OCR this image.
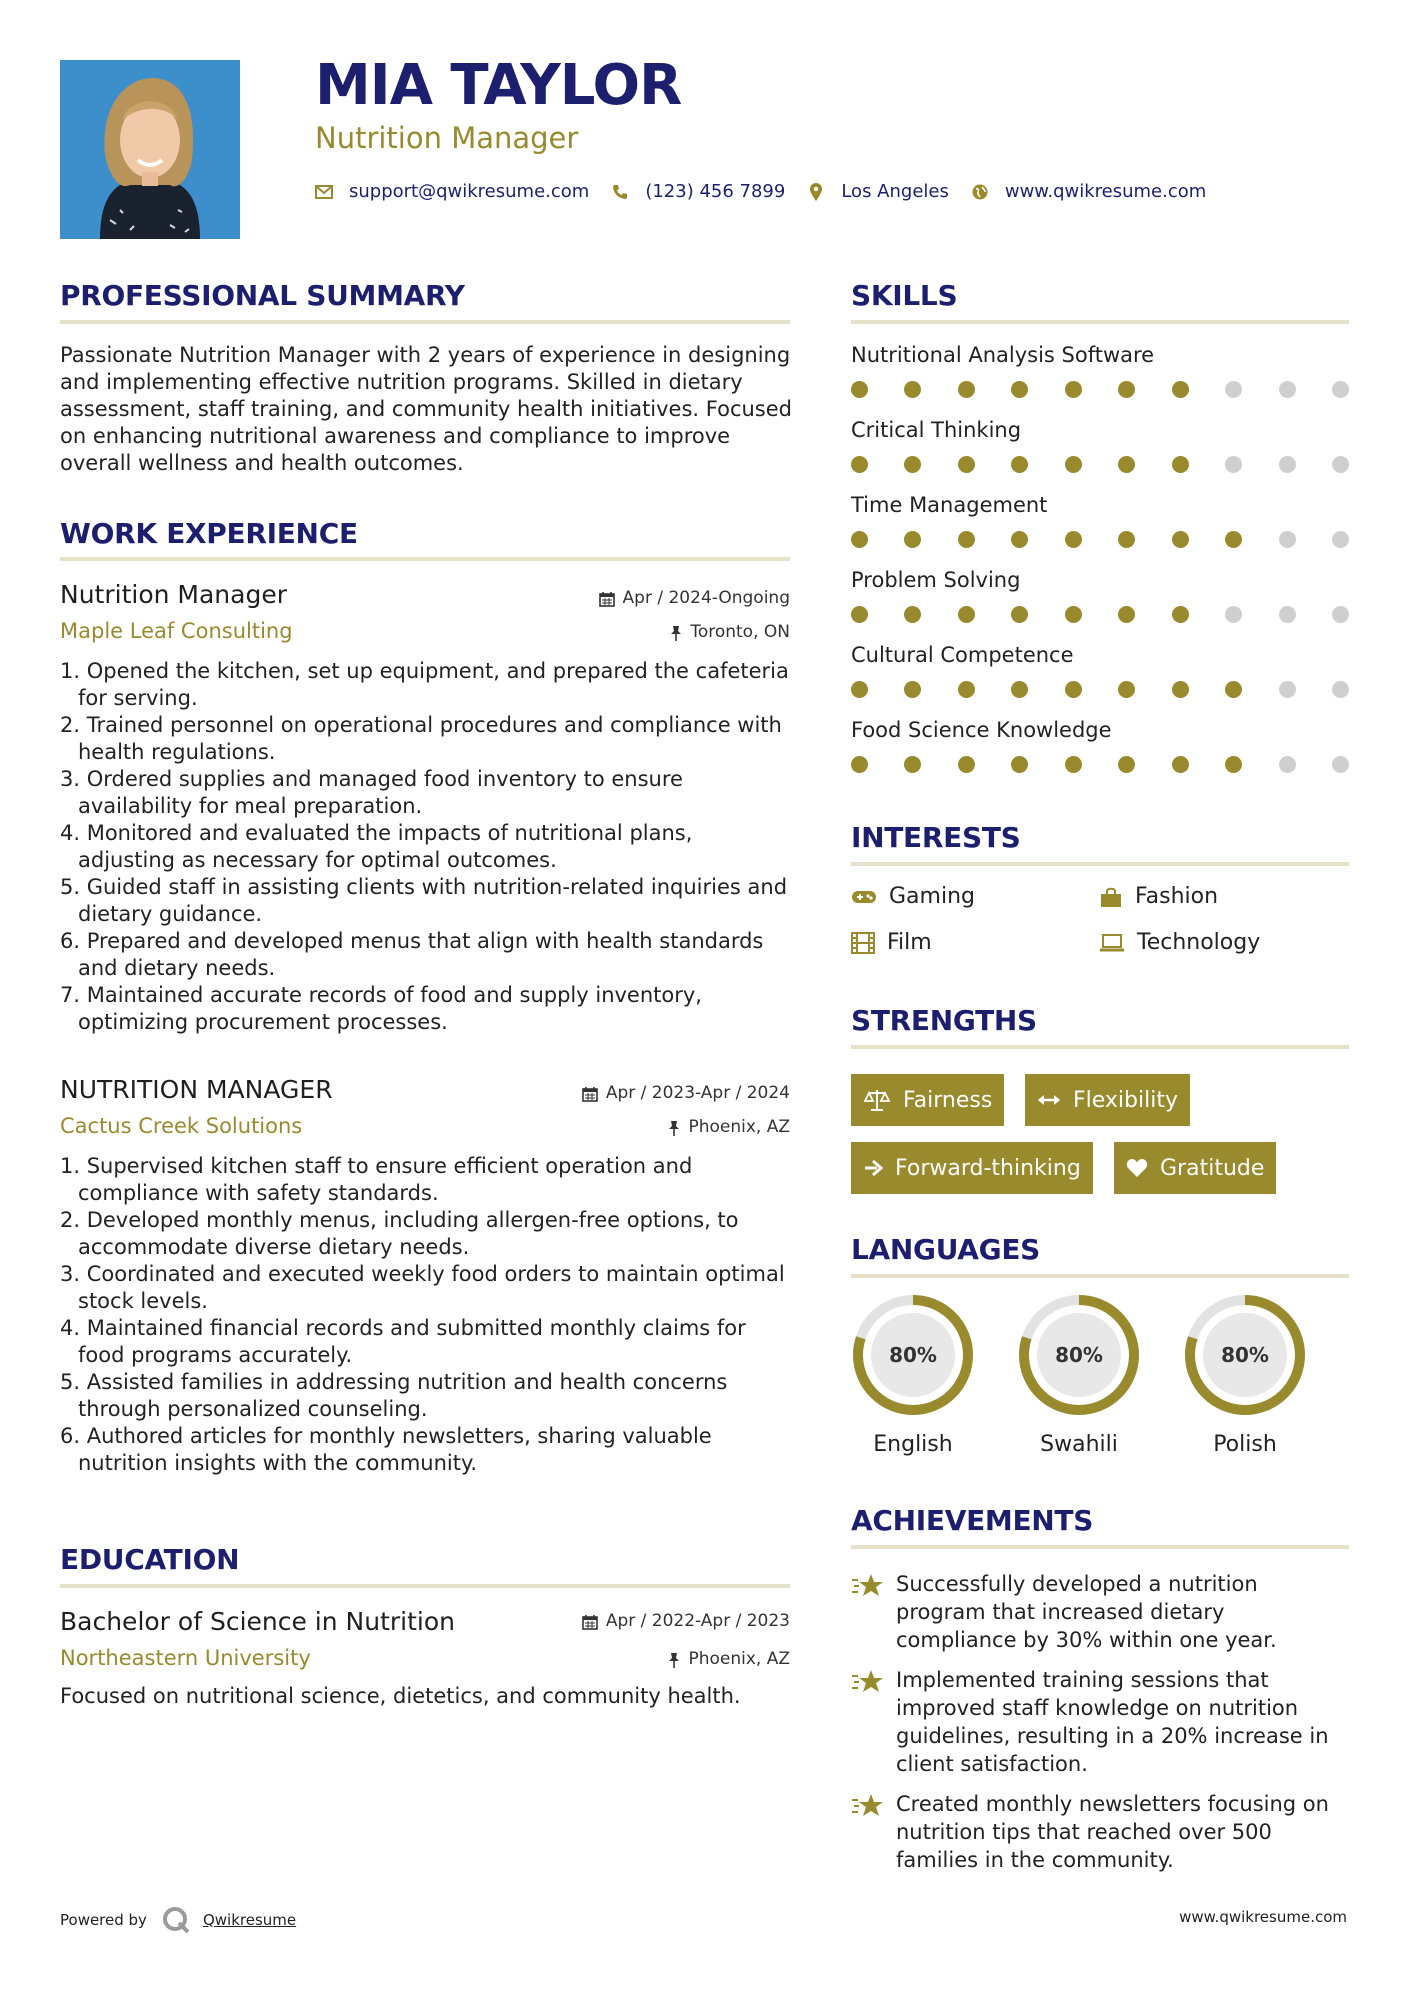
MIA TAYLOR
Nutrition Manager
support@qwikresume.com	(123) 456 7899	Los Angeles	www.qwikresume.com
PROFESSIONAL SUMMARY
Passionate Nutrition Manager with 2 years of experience in designing and implementing effective nutrition programs. Skilled in dietary assessment, staff training, and community health initiatives. Focused on enhancing nutritional awareness and compliance to improve overall wellness and health outcomes.
WORK EXPERIENCE
Nutrition Manager	Apr / 2024-Ongoing
Maple Leaf Consulting	Toronto, ON
1. Opened the kitchen, set up equipment, and prepared the cafeteria for serving.
2. Trained personnel on operational procedures and compliance with health regulations.
3. Ordered supplies and managed food inventory to ensure availability for meal preparation.
4. Monitored and evaluated the impacts of nutritional plans, adjusting as necessary for optimal outcomes.
5. Guided staff in assisting clients with nutrition-related inquiries and dietary guidance.
6. Prepared and developed menus that align with health standards and dietary needs.
7. Maintained accurate records of food and supply inventory, optimizing procurement processes.
NUTRITION MANAGER	Apr / 2023-Apr / 2024
Cactus Creek Solutions	Phoenix, AZ
1. Supervised kitchen staff to ensure efficient operation and compliance with safety standards.
2. Developed monthly menus, including allergen-free options, to accommodate diverse dietary needs.
3. Coordinated and executed weekly food orders to maintain optimal stock levels.
4. Maintained financial records and submitted monthly claims for food programs accurately.
5. Assisted families in addressing nutrition and health concerns through personalized counseling.
6. Authored articles for monthly newsletters, sharing valuable nutrition insights with the community.
EDUCATION
Bachelor of Science in Nutrition	Apr / 2022-Apr / 2023
Northeastern University	Phoenix, AZ
Focused on nutritional science, dietetics, and community health.
SKILLS
Nutritional Analysis Software
Critical Thinking
Time Management
Problem Solving
Cultural Competence
Food Science Knowledge
INTERESTS
Gaming	Fashion
Film	Technology
STRENGTHS
Fairness	Flexibility
Forward-thinking	Gratitude
LANGUAGES
80%
English
80%
Swahili
80%
Polish
ACHIEVEMENTS
Successfully developed a nutrition program that increased dietary compliance by 30% within one year.
Implemented training sessions that improved staff knowledge on nutrition guidelines, resulting in a 20% increase in client satisfaction.
Created monthly newsletters focusing on nutrition tips that reached over 500 families in the community.
Powered by	Qwikresume	www.qwikresume.com
